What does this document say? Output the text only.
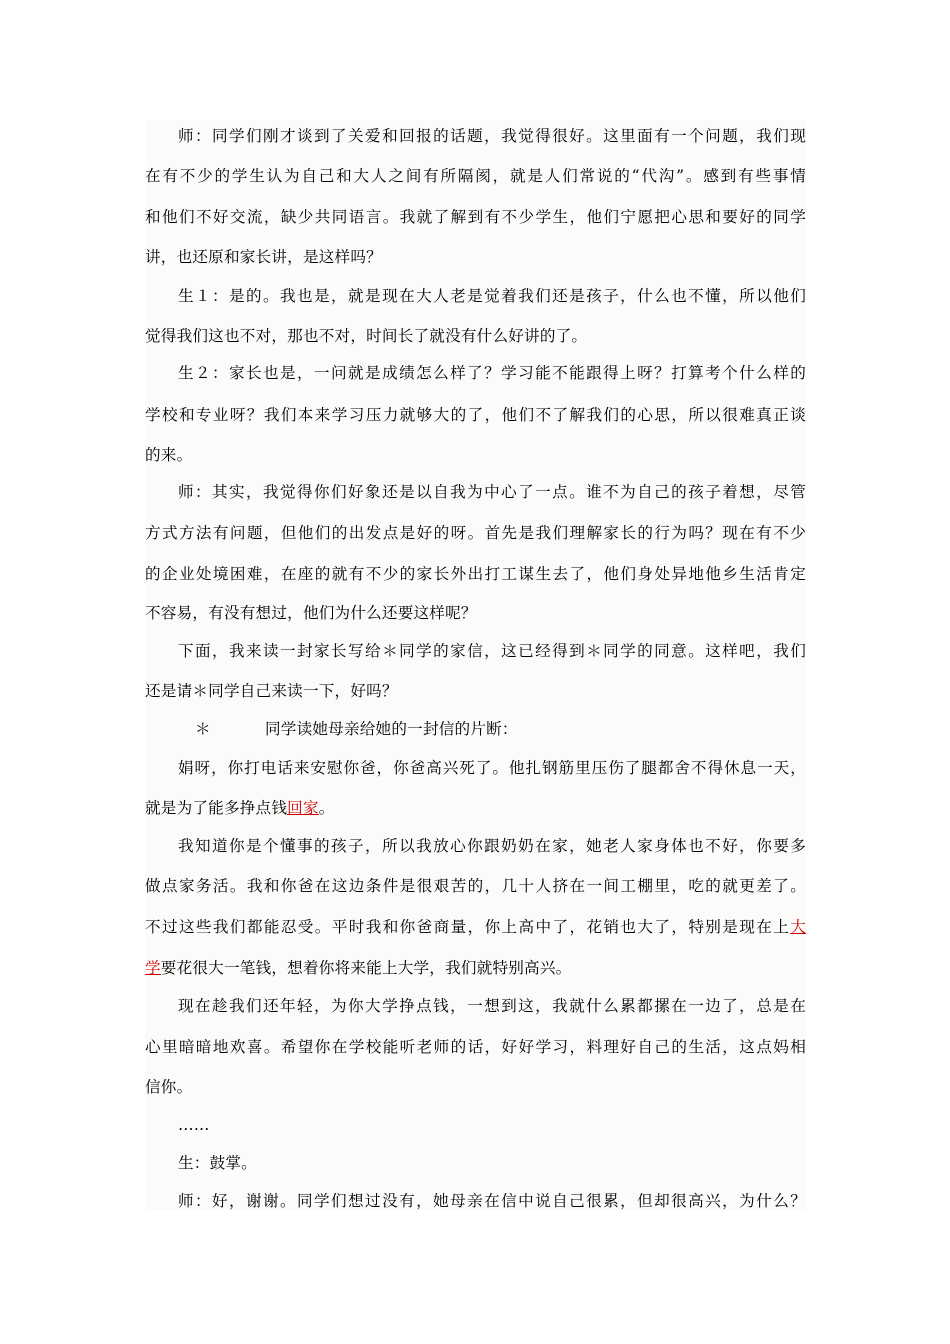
师：同学们刚才谈到了关爱和回报的话题，我觉得很好。这里面有一个问题，我们现
在有不少的学生认为自己和大人之间有所隔阂，就是人们常说的“代沟”。感到有些事情
和他们不好交流，缺少共同语言。我就了解到有不少学生，他们宁愿把心思和要好的同学
讲，也还原和家长讲，是这样吗？
生１：是的。我也是，就是现在大人老是觉着我们还是孩子，什么也不懂，所以他们
觉得我们这也不对，那也不对，时间长了就没有什么好讲的了。
生２：家长也是，一问就是成绩怎么样了？学习能不能跟得上呀？打算考个什么样的
学校和专业呀？我们本来学习压力就够大的了，他们不了解我们的心思，所以很难真正谈
的来。
师：其实，我觉得你们好象还是以自我为中心了一点。谁不为自己的孩子着想，尽管
方式方法有问题，但他们的出发点是好的呀。首先是我们理解家长的行为吗？现在有不少
的企业处境困难，在座的就有不少的家长外出打工谋生去了，他们身处异地他乡生活肯定
不容易，有没有想过，他们为什么还要这样呢？
下面，我来读一封家长写给＊同学的家信，这已经得到＊同学的同意。这样吧，我们
还是请＊同学自己来读一下，好吗？
＊	同学读她母亲给她的一封信的片断：
娟呀，你打电话来安慰你爸，你爸高兴死了。他扎钢筋里压伤了腿都舍不得休息一天，
就是为了能多挣点钱回家。
我知道你是个懂事的孩子，所以我放心你跟奶奶在家，她老人家身体也不好，你要多
做点家务活。我和你爸在这边条件是很艰苦的，几十人挤在一间工棚里，吃的就更差了。
不过这些我们都能忍受。平时我和你爸商量，你上高中了，花销也大了，特别是现在上大
学要花很大一笔钱，想着你将来能上大学，我们就特别高兴。
现在趁我们还年轻，为你大学挣点钱，一想到这，我就什么累都摞在一边了，总是在
心里暗暗地欢喜。希望你在学校能听老师的话，好好学习，料理好自己的生活，这点妈相
信你。
……
生：鼓掌。
师：好，谢谢。同学们想过没有，她母亲在信中说自己很累，但却很高兴，为什么？
